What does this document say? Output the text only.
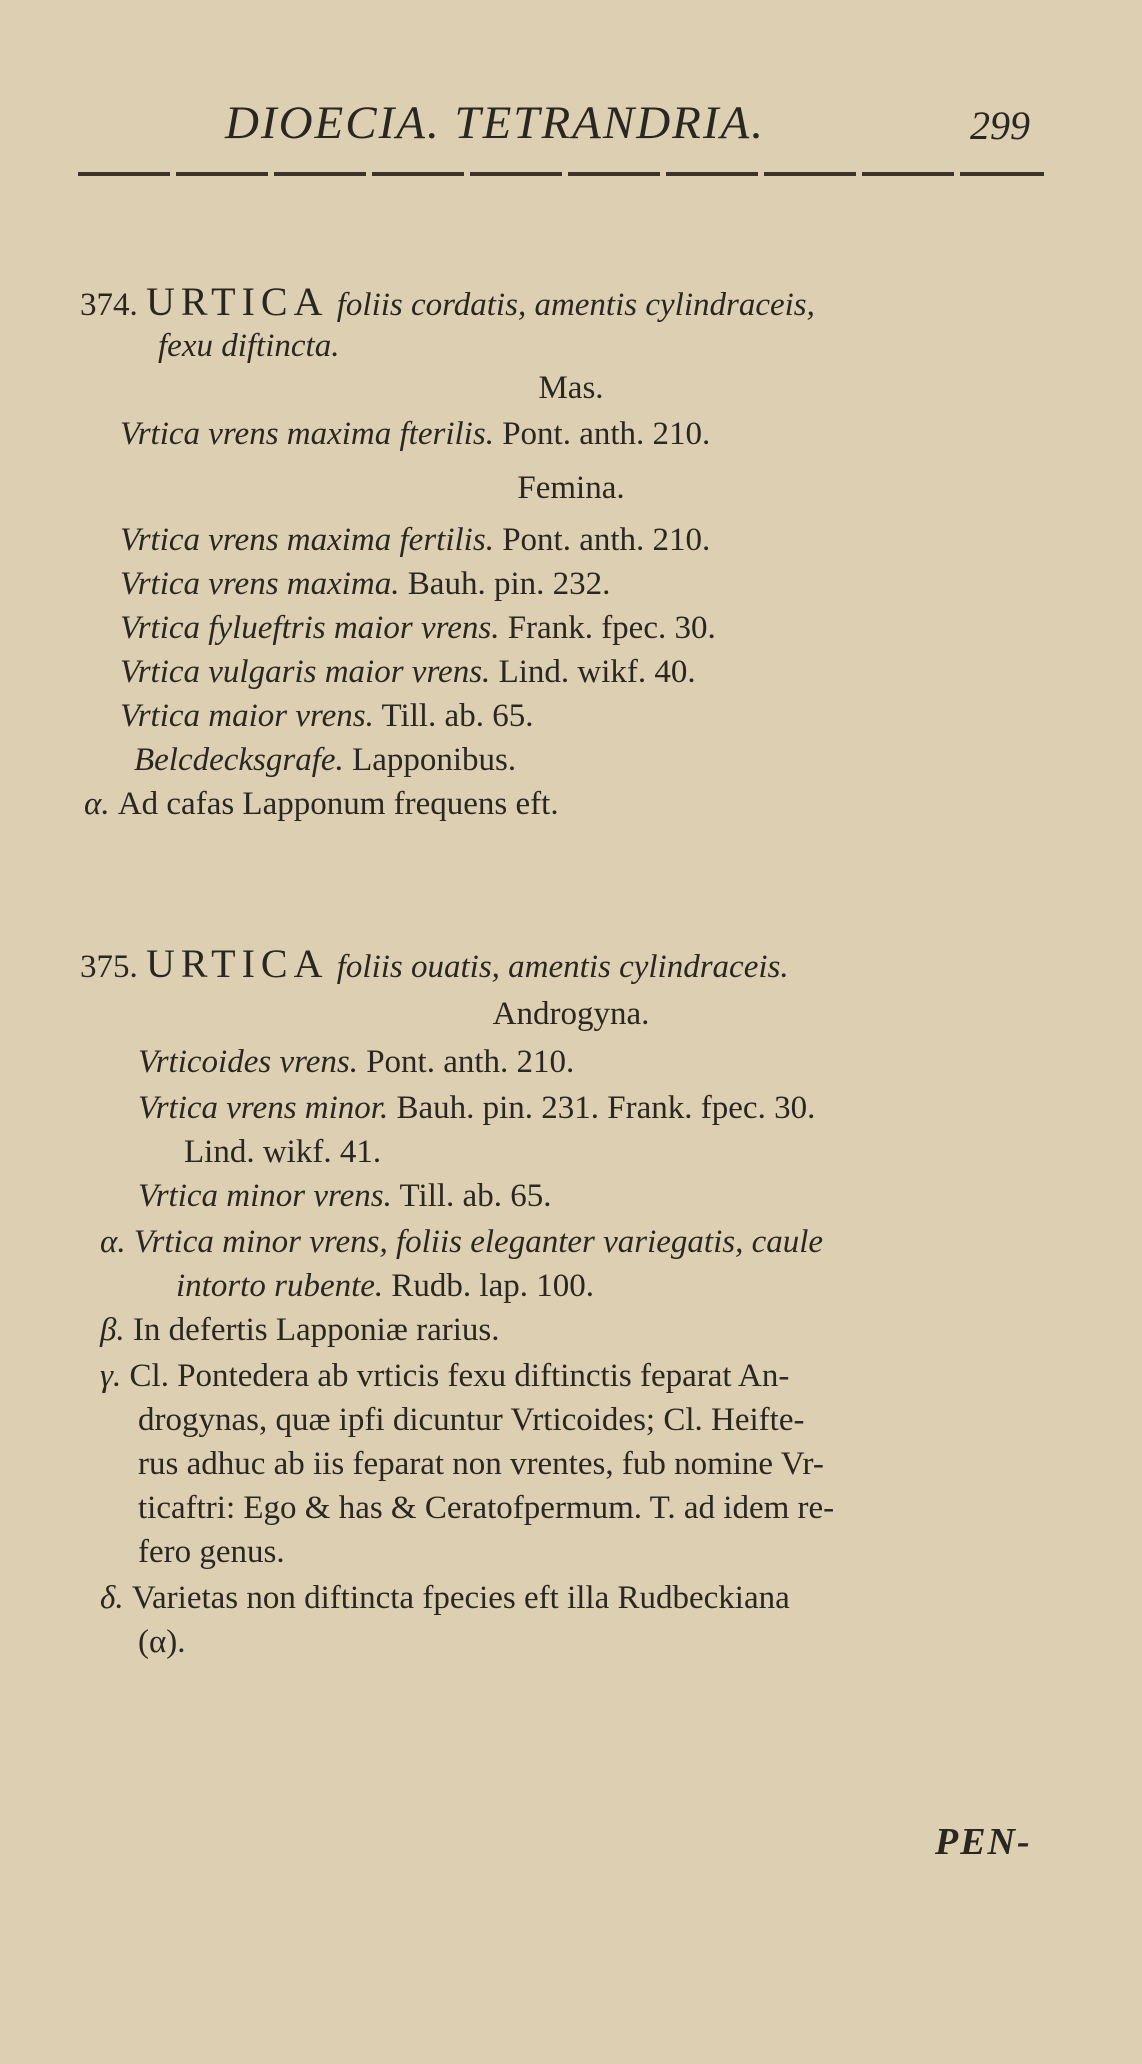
DIOECIA. TETRANDRIA.	299
374. URTICA foliis cordatis, amentis cylindraceis,
fexu diftincta.
Mas.
Vrtica vrens maxima fterilis. Pont. anth. 210.
Femina.
Vrtica vrens maxima fertilis. Pont. anth. 210.
Vrtica vrens maxima. Bauh. pin. 232.
Vrtica fylueftris maior vrens. Frank. fpec. 30.
Vrtica vulgaris maior vrens. Lind. wikf. 40.
Vrtica maior vrens. Till. ab. 65.
Belcdecksgrafe. Lapponibus.
α. Ad cafas Lapponum frequens eft.
375. URTICA foliis ouatis, amentis cylindraceis.
Androgyna.
Vrticoides vrens. Pont. anth. 210.
Vrtica vrens minor. Bauh. pin. 231. Frank. fpec. 30.
Lind. wikf. 41.
Vrtica minor vrens. Till. ab. 65.
α. Vrtica minor vrens, foliis eleganter variegatis, caule
intorto rubente. Rudb. lap. 100.
β. In defertis Lapponiæ rarius.
γ. Cl. Pontedera ab vrticis fexu diftinctis feparat An-
drogynas, quæ ipfi dicuntur Vrticoides; Cl. Heifte-
rus adhuc ab iis feparat non vrentes, fub nomine Vr-
ticaftri: Ego & has & Ceratofpermum. T. ad idem re-
fero genus.
δ. Varietas non diftincta fpecies eft illa Rudbeckiana
(α).
PEN-
